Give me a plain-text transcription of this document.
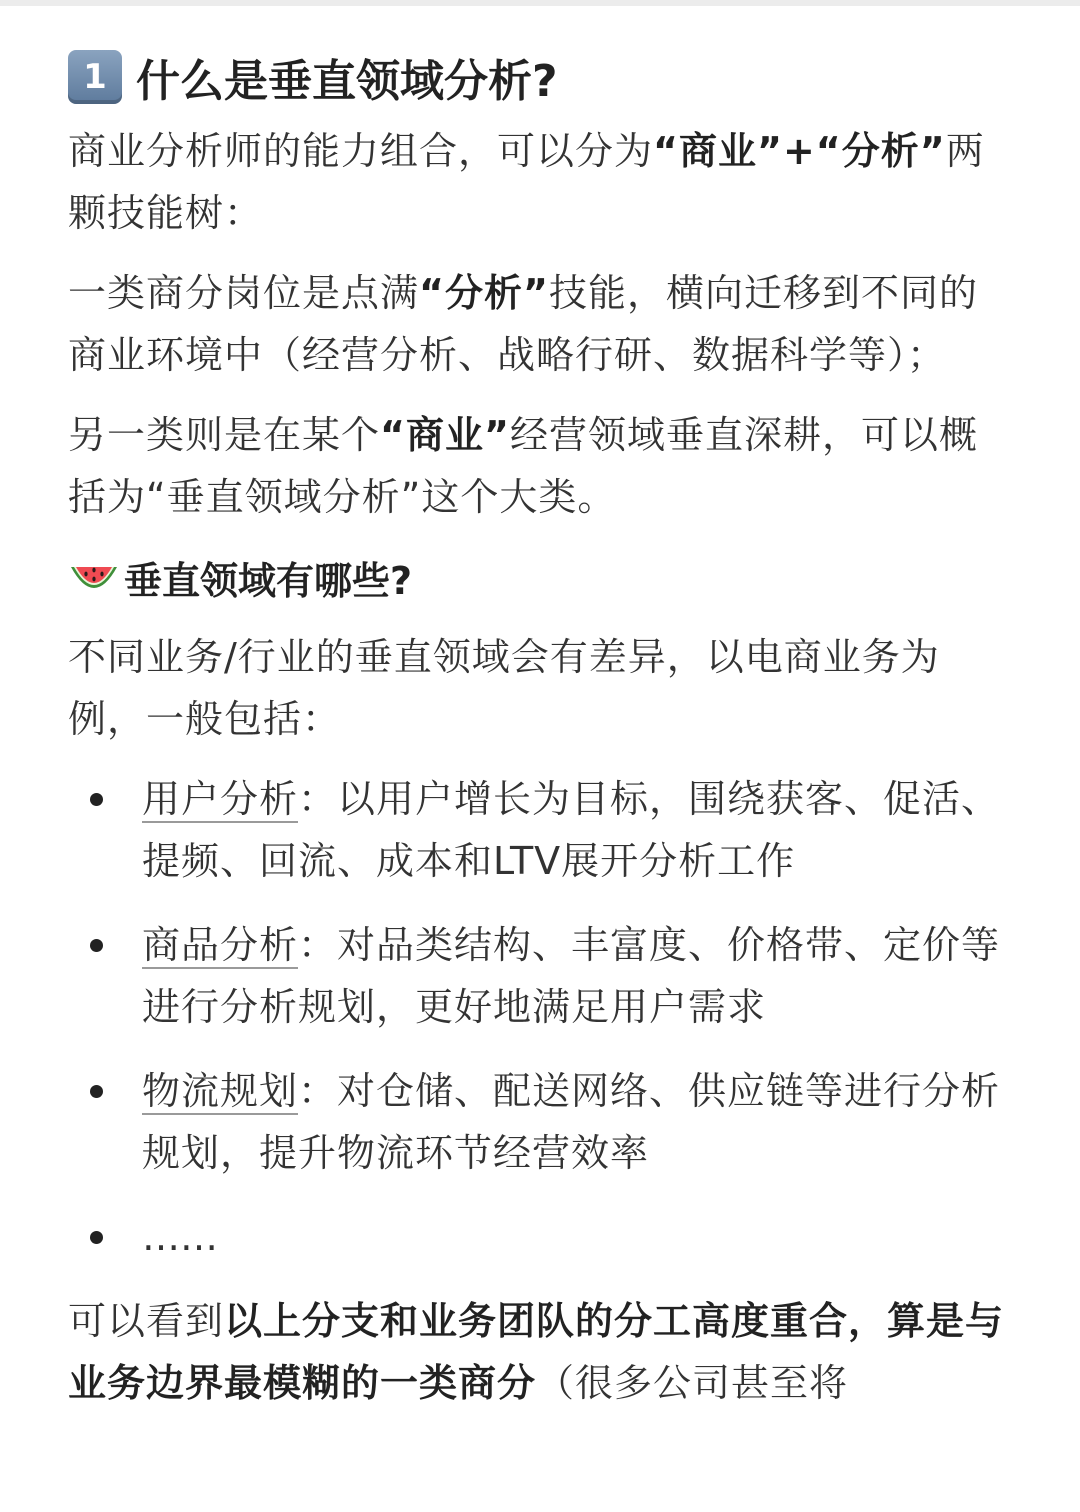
1 什么是垂直领域分析?

商业分析师的能力组合，可以分为“商业”+“分析”两颗技能树：

一类商分岗位是点满“分析”技能，横向迁移到不同的商业环境中（经营分析、战略行研、数据科学等）；

另一类则是在某个“商业”经营领域垂直深耕，可以概括为“垂直领域分析”这个大类。

垂直领域有哪些?

不同业务/行业的垂直领域会有差异，以电商业务为例，一般包括：

用户分析：以用户增长为目标，围绕获客、促活、提频、回流、成本和LTV展开分析工作
商品分析：对品类结构、丰富度、价格带、定价等进行分析规划，更好地满足用户需求
物流规划：对仓储、配送网络、供应链等进行分析规划，提升物流环节经营效率
……

可以看到以上分支和业务团队的分工高度重合，算是与业务边界最模糊的一类商分（很多公司甚至将
